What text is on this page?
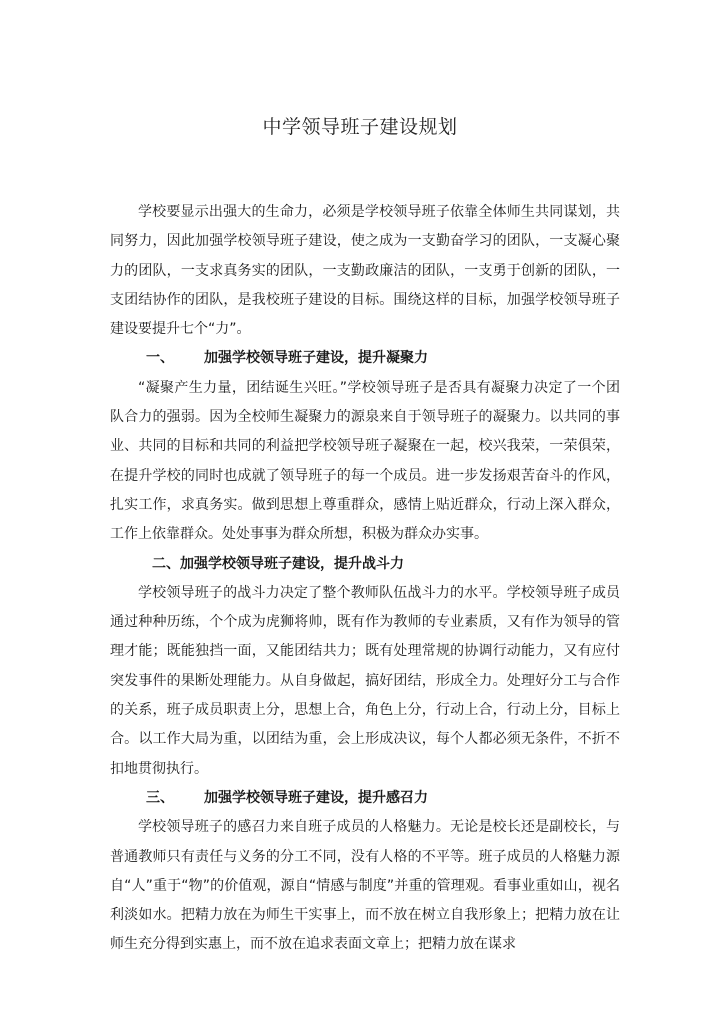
中学领导班子建设规划

学校要显示出强大的生命力，必须是学校领导班子依靠全体师生共同谋划，共同努力，因此加强学校领导班子建设，使之成为一支勤奋学习的团队，一支凝心聚力的团队，一支求真务实的团队，一支勤政廉洁的团队，一支勇于创新的团队，一支团结协作的团队，是我校班子建设的目标。围绕这样的目标，加强学校领导班子建设要提升七个“力”。

一、 加强学校领导班子建设，提升凝聚力

“凝聚产生力量，团结诞生兴旺。”学校领导班子是否具有凝聚力决定了一个团队合力的强弱。因为全校师生凝聚力的源泉来自于领导班子的凝聚力。以共同的事业、共同的目标和共同的利益把学校领导班子凝聚在一起，校兴我荣，一荣俱荣，在提升学校的同时也成就了领导班子的每一个成员。进一步发扬艰苦奋斗的作风，扎实工作，求真务实。做到思想上尊重群众，感情上贴近群众，行动上深入群众，工作上依靠群众。处处事事为群众所想，积极为群众办实事。

二、加强学校领导班子建设，提升战斗力

学校领导班子的战斗力决定了整个教师队伍战斗力的水平。学校领导班子成员通过种种历练，个个成为虎狮将帅，既有作为教师的专业素质，又有作为领导的管理才能；既能独挡一面，又能团结共力；既有处理常规的协调行动能力，又有应付突发事件的果断处理能力。从自身做起，搞好团结，形成全力。处理好分工与合作的关系，班子成员职责上分，思想上合，角色上分，行动上合，行动上分，目标上合。以工作大局为重，以团结为重，会上形成决议，每个人都必须无条件，不折不扣地贯彻执行。

三、 加强学校领导班子建设，提升感召力

学校领导班子的感召力来自班子成员的人格魅力。无论是校长还是副校长，与普通教师只有责任与义务的分工不同，没有人格的不平等。班子成员的人格魅力源自“人”重于“物”的价值观，源自“情感与制度”并重的管理观。看事业重如山，视名利淡如水。把精力放在为师生干实事上，而不放在树立自我形象上；把精力放在让师生充分得到实惠上，而不放在追求表面文章上；把精力放在谋求
